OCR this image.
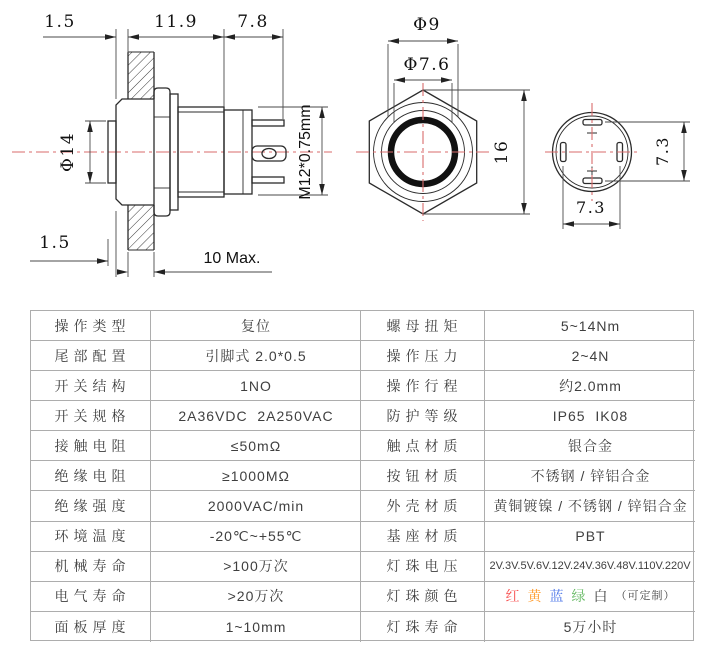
1.5	11.9 7.8
Φ14	M12*0.75mm
1.5
10 Max.
Φ9
Φ7.6
16	7.3
7.3
操作类型	复位	螺母扭矩	5~14Nm
尾部配置	引脚式 2.0*0.5	操作压力	2~4N
开关结构	1NO	操作行程	约2.0mm
开关规格	2A36VDC  2A250VAC	防护等级	IP65  IK08
接触电阻	≤50mΩ	触点材质	银合金
绝缘电阻	≥1000MΩ	按钮材质	不锈钢 / 锌铝合金
绝缘强度	2000VAC/min	外壳材质	黄铜镀镍 / 不锈钢 / 锌铝合金
环境温度	-20℃~+55℃	基座材质	PBT
机械寿命	>100万次	灯珠电压	2V.3V.5V.6V.12V.24V.36V.48V.110V.220V
电气寿命	>20万次	灯珠颜色	红 黄 蓝 绿 白 （可定制）
面板厚度	1~10mm	灯珠寿命	5万小时
